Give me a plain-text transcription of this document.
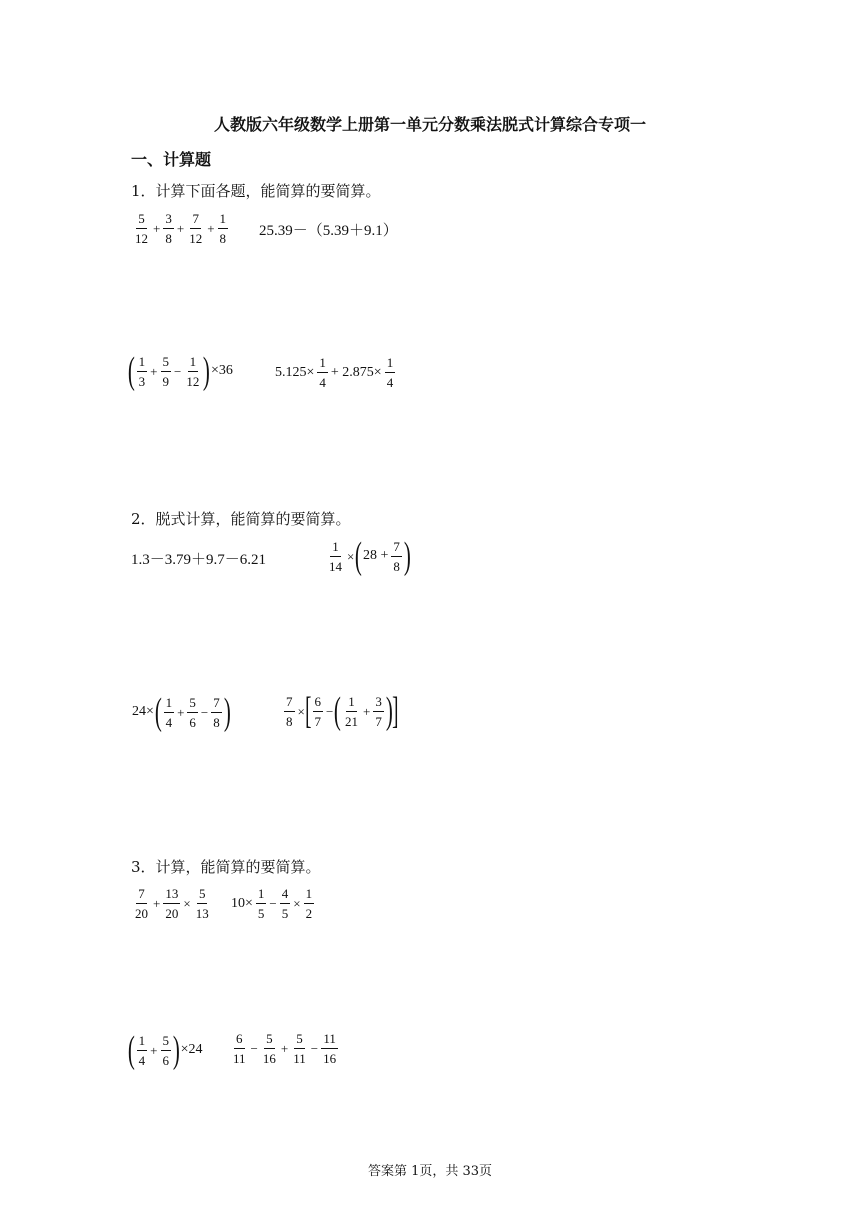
人教版六年级数学上册第一单元分数乘法脱式计算综合专项一
一、计算题
1．计算下面各题，能简算的要简算。
$\frac{5}{12} + \frac{3}{8} + \frac{7}{12} + \frac{1}{8} 25.39-(5.39+9.1)$
( $\frac{1}{3} + \frac{5}{9} - \frac{1}{12}$ ) ×36	$5.125\times \frac{1}{4} + 2.875\times \frac{1}{4}$
2．脱式计算，能简算的要简算。
1.3－3.79＋9.7－6.21	$\frac{1}{14}$ × ( $28 + \frac{7}{8}$ )
24× ( $\frac{1}{4} + \frac{5}{6} - \frac{7}{8}$ )	$\frac{7}{8}$ × [ $\frac{6}{7}$ − ( $\frac{1}{21} + \frac{3}{7}$ ) ]
3．计算，能简算的要简算。
$\frac{7}{20} + \frac{13}{20} \times \frac{5}{13} 10\times \frac{1}{5} - \frac{4}{5} \times \frac{1}{2}$
( $\frac{1}{4} + \frac{5}{6}$ ) $\times 24 \frac{6}{11} - \frac{5}{16} + \frac{5}{11} - \frac{11}{16}$
答案第 1页，共 33页
